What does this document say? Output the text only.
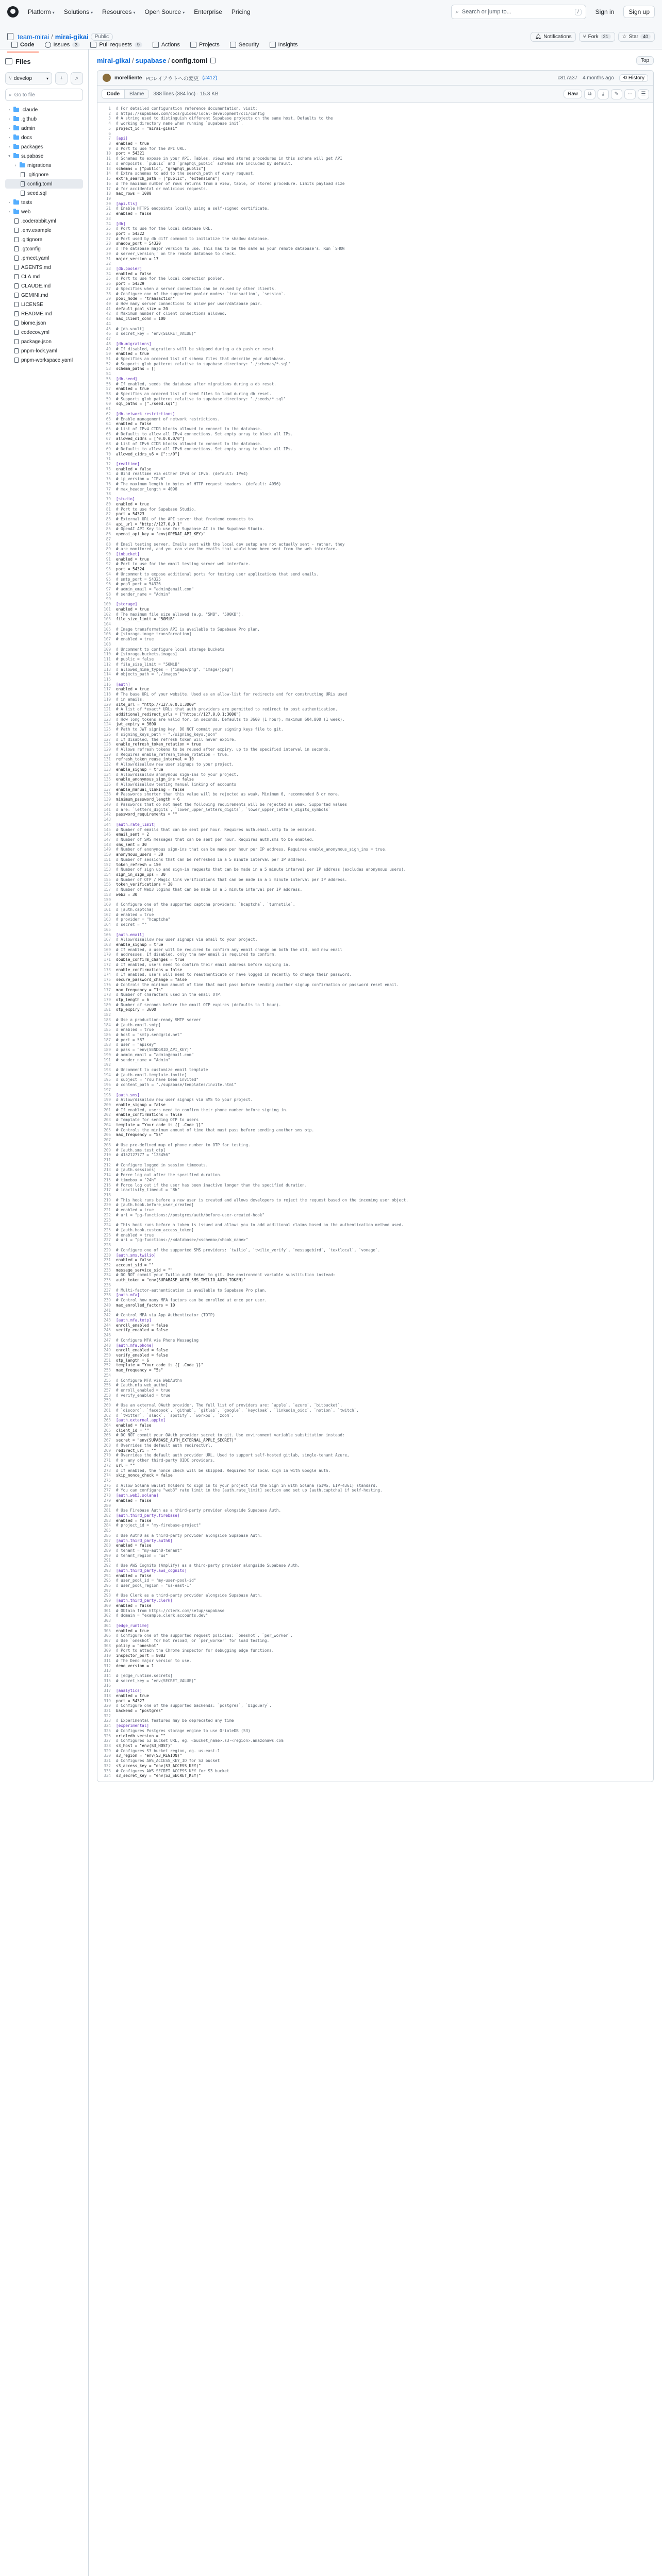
Platform ▾ Solutions ▾ Resources ▾ Open Source ▾ Enterprise Pricing	⌕ Search or jump to...	/	Sign in	Sign up
team-mirai / mirai-gikai	Public	🔔︎ Notifications ⑂ Fork	21	☆ Star	40
Code	Issues	3	Pull requests	9	Actions	Projects	Security	Insights
Files
⑂ develop	▾ + ⌕
⌕ Go to file
› .claude
› .github
› admin
› docs
› packages
▾ supabase
› migrations
.gitignore
config.toml
seed.sql
› tests
› web
.coderabbit.yml
.env.example
.gitignore
.gtconfig
.prnect.yaml
AGENTS.md
CLA.md
CLAUDE.md
GEMINI.md
LICENSE
README.md
biome.json
codecov.yml
package.json
pnpm-lock.yaml
pnpm-workspace.yaml
mirai-gikai / supabase / config.toml	Top
morelliente PCレイアウトへの変更 (#412)	c817a37 4 months ago	⟲ History
Code	Blame	388 lines (384 loc) · 15.3 KB	Raw	⧉ ⤓ ✎ ⋯ ☰
1	# For detailed configuration reference documentation, visit:
2	# https://supabase.com/docs/guides/local-development/cli/config
3	# A string used to distinguish different Supabase projects on the same host. Defaults to the
4	# working directory name when running `supabase init`.
5	project_id = "mirai-gikai"
6
7	[api]
8	enabled = true
9	# Port to use for the API URL.
10	port = 54321
11	# Schemas to expose in your API. Tables, views and stored procedures in this schema will get API
12	# endpoints. `public` and `graphql_public` schemas are included by default.
13	schemas = ["public", "graphql_public"]
14	# Extra schemas to add to the search_path of every request.
15	extra_search_path = ["public", "extensions"]
16	# The maximum number of rows returns from a view, table, or stored procedure. Limits payload size
17	# for accidental or malicious requests.
18	max_rows = 1000
19
20	[api.tls]
21	# Enable HTTPS endpoints locally using a self-signed certificate.
22	enabled = false
23
24	[db]
25	# Port to use for the local database URL.
26	port = 54322
27	# Port used by db diff command to initialize the shadow database.
28	shadow_port = 54320
29	# The database major version to use. This has to be the same as your remote database's. Run `SHOW
30	# server_version;` on the remote database to check.
31	major_version = 17
32
33	[db.pooler]
34	enabled = false
35	# Port to use for the local connection pooler.
36	port = 54329
37	# Specifies when a server connection can be reused by other clients.
38	# Configure one of the supported pooler modes: `transaction`, `session`.
39	pool_mode = "transaction"
40	# How many server connections to allow per user/database pair.
41	default_pool_size = 20
42	# Maximum number of client connections allowed.
43	max_client_conn = 100
44
45	# [db.vault]
46	# secret_key = "env(SECRET_VALUE)"
47
48	[db.migrations]
49	# If disabled, migrations will be skipped during a db push or reset.
50	enabled = true
51	# Specifies an ordered list of schema files that describe your database.
52	# Supports glob patterns relative to supabase directory: "./schemas/*.sql"
53	schema_paths = []
54
55	[db.seed]
56	# If enabled, seeds the database after migrations during a db reset.
57	enabled = true
58	# Specifies an ordered list of seed files to load during db reset.
59	# Supports glob patterns relative to supabase directory: "./seeds/*.sql"
60	sql_paths = ["./seed.sql"]
61
62	[db.network_restrictions]
63	# Enable management of network restrictions.
64	enabled = false
65	# List of IPv4 CIDR blocks allowed to connect to the database.
66	# Defaults to allow all IPv4 connections. Set empty array to block all IPs.
67	allowed_cidrs = ["0.0.0.0/0"]
68	# List of IPv6 CIDR blocks allowed to connect to the database.
69	# Defaults to allow all IPv6 connections. Set empty array to block all IPs.
70	allowed_cidrs_v6 = ["::/0"]
71
72	[realtime]
73	enabled = false
74	# Bind realtime via either IPv4 or IPv6. (default: IPv4)
75	# ip_version = "IPv6"
76	# The maximum length in bytes of HTTP request headers. (default: 4096)
77	# max_header_length = 4096
78
79	[studio]
80	enabled = true
81	# Port to use for Supabase Studio.
82	port = 54323
83	# External URL of the API server that frontend connects to.
84	api_url = "http://127.0.0.1"
85	# OpenAI API Key to use for Supabase AI in the Supabase Studio.
86	openai_api_key = "env(OPENAI_API_KEY)"
87
88	# Email testing server. Emails sent with the local dev setup are not actually sent - rather, they
89	# are monitored, and you can view the emails that would have been sent from the web interface.
90	[inbucket]
91	enabled = true
92	# Port to use for the email testing server web interface.
93	port = 54324
94	# Uncomment to expose additional ports for testing user applications that send emails.
95	# smtp_port = 54325
96	# pop3_port = 54326
97	# admin_email = "admin@email.com"
98	# sender_name = "Admin"
99
100	[storage]
101	enabled = true
102	# The maximum file size allowed (e.g. "5MB", "500KB").
103	file_size_limit = "50MiB"
104
105	# Image transformation API is available to Supabase Pro plan.
106	# [storage.image_transformation]
107	# enabled = true
108
109	# Uncomment to configure local storage buckets
110	# [storage.buckets.images]
111	# public = false
112	# file_size_limit = "50MiB"
113	# allowed_mime_types = ["image/png", "image/jpeg"]
114	# objects_path = "./images"
115
116	[auth]
117	enabled = true
118	# The base URL of your website. Used as an allow-list for redirects and for constructing URLs used
119	# in emails.
120	site_url = "http://127.0.0.1:3000"
121	# A list of *exact* URLs that auth providers are permitted to redirect to post authentication.
122	additional_redirect_urls = ["https://127.0.0.1:3000"]
123	# How long tokens are valid for, in seconds. Defaults to 3600 (1 hour), maximum 604,800 (1 week).
124	jwt_expiry = 3600
125	# Path to JWT signing key. DO NOT commit your signing keys file to git.
126	# signing_keys_path = "./signing_keys.json"
127	# If disabled, the refresh token will never expire.
128	enable_refresh_token_rotation = true
129	# Allows refresh tokens to be reused after expiry, up to the specified interval in seconds.
130	# Requires enable_refresh_token_rotation = true.
131	refresh_token_reuse_interval = 10
132	# Allow/disallow new user signups to your project.
133	enable_signup = true
134	# Allow/disallow anonymous sign-ins to your project.
135	enable_anonymous_sign_ins = false
136	# Allow/disallow testing manual linking of accounts
137	enable_manual_linking = false
138	# Passwords shorter than this value will be rejected as weak. Minimum 6, recommended 8 or more.
139	minimum_password_length = 6
140	# Passwords that do not meet the following requirements will be rejected as weak. Supported values
141	# are: `letters_digits`, `lower_upper_letters_digits`, `lower_upper_letters_digits_symbols`
142	password_requirements = ""
143
144	[auth.rate_limit]
145	# Number of emails that can be sent per hour. Requires auth.email.smtp to be enabled.
146	email_sent = 2
147	# Number of SMS messages that can be sent per hour. Requires auth.sms to be enabled.
148	sms_sent = 30
149	# Number of anonymous sign-ins that can be made per hour per IP address. Requires enable_anonymous_sign_ins = true.
150	anonymous_users = 30
151	# Number of sessions that can be refreshed in a 5 minute interval per IP address.
152	token_refresh = 150
153	# Number of sign up and sign-in requests that can be made in a 5 minute interval per IP address (excludes anonymous users).
154	sign_in_sign_ups = 30
155	# Number of OTP / Magic link verifications that can be made in a 5 minute interval per IP address.
156	token_verifications = 30
157	# Number of Web3 logins that can be made in a 5 minute interval per IP address.
158	web3 = 30
159
160	# Configure one of the supported captcha providers: `hcaptcha`, `turnstile`.
161	# [auth.captcha]
162	# enabled = true
163	# provider = "hcaptcha"
164	# secret = ""
165
166	[auth.email]
167	# Allow/disallow new user signups via email to your project.
168	enable_signup = true
169	# If enabled, a user will be required to confirm any email change on both the old, and new email
170	# addresses. If disabled, only the new email is required to confirm.
171	double_confirm_changes = true
172	# If enabled, users need to confirm their email address before signing in.
173	enable_confirmations = false
174	# If enabled, users will need to reauthenticate or have logged in recently to change their password.
175	secure_password_change = false
176	# Controls the minimum amount of time that must pass before sending another signup confirmation or password reset email.
177	max_frequency = "1s"
178	# Number of characters used in the email OTP.
179	otp_length = 6
180	# Number of seconds before the email OTP expires (defaults to 1 hour).
181	otp_expiry = 3600
182
183	# Use a production-ready SMTP server
184	# [auth.email.smtp]
185	# enabled = true
186	# host = "smtp.sendgrid.net"
187	# port = 587
188	# user = "apikey"
189	# pass = "env(SENDGRID_API_KEY)"
190	# admin_email = "admin@email.com"
191	# sender_name = "Admin"
192
193	# Uncomment to customize email template
194	# [auth.email.template.invite]
195	# subject = "You have been invited"
196	# content_path = "./supabase/templates/invite.html"
197
198	[auth.sms]
199	# Allow/disallow new user signups via SMS to your project.
200	enable_signup = false
201	# If enabled, users need to confirm their phone number before signing in.
202	enable_confirmations = false
203	# Template for sending OTP to users
204	template = "Your code is {{ .Code }}"
205	# Controls the minimum amount of time that must pass before sending another sms otp.
206	max_frequency = "5s"
207
208	# Use pre-defined map of phone number to OTP for testing.
209	# [auth.sms.test_otp]
210	# 4152127777 = "123456"
211
212	# Configure logged in session timeouts.
213	# [auth.sessions]
214	# Force log out after the specified duration.
215	# timebox = "24h"
216	# Force log out if the user has been inactive longer than the specified duration.
217	# inactivity_timeout = "8h"
218
219	# This hook runs before a new user is created and allows developers to reject the request based on the incoming user object.
220	# [auth.hook.before_user_created]
221	# enabled = true
222	# uri = "pg-functions://postgres/auth/before-user-created-hook"
223
224	# This hook runs before a token is issued and allows you to add additional claims based on the authentication method used.
225	# [auth.hook.custom_access_token]
226	# enabled = true
227	# uri = "pg-functions://<database>/<schema>/<hook_name>"
228
229	# Configure one of the supported SMS providers: `twilio`, `twilio_verify`, `messagebird`, `textlocal`, `vonage`.
230	[auth.sms.twilio]
231	enabled = false
232	account_sid = ""
233	message_service_sid = ""
234	# DO NOT commit your Twilio auth token to git. Use environment variable substitution instead:
235	auth_token = "env(SUPABASE_AUTH_SMS_TWILIO_AUTH_TOKEN)"
236
237	# Multi-factor-authentication is available to Supabase Pro plan.
238	[auth.mfa]
239	# Control how many MFA factors can be enrolled at once per user.
240	max_enrolled_factors = 10
241
242	# Control MFA via App Authenticator (TOTP)
243	[auth.mfa.totp]
244	enroll_enabled = false
245	verify_enabled = false
246
247	# Configure MFA via Phone Messaging
248	[auth.mfa.phone]
249	enroll_enabled = false
250	verify_enabled = false
251	otp_length = 6
252	template = "Your code is {{ .Code }}"
253	max_frequency = "5s"
254
255	# Configure MFA via WebAuthn
256	# [auth.mfa.web_authn]
257	# enroll_enabled = true
258	# verify_enabled = true
259
260	# Use an external OAuth provider. The full list of providers are: `apple`, `azure`, `bitbucket`,
261	# `discord`, `facebook`, `github`, `gitlab`, `google`, `keycloak`, `linkedin_oidc`, `notion`, `twitch`,
262	# `twitter`, `slack`, `spotify`, `workos`, `zoom`.
263	[auth.external.apple]
264	enabled = false
265	client_id = ""
266	# DO NOT commit your OAuth provider secret to git. Use environment variable substitution instead:
267	secret = "env(SUPABASE_AUTH_EXTERNAL_APPLE_SECRET)"
268	# Overrides the default auth redirectUrl.
269	redirect_uri = ""
270	# Overrides the default auth provider URL. Used to support self-hosted gitlab, single-tenant Azure,
271	# or any other third-party OIDC providers.
272	url = ""
273	# If enabled, the nonce check will be skipped. Required for local sign in with Google auth.
274	skip_nonce_check = false
275
276	# Allow Solana wallet holders to sign in to your project via the Sign in with Solana (SIWS, EIP-4361) standard.
277	# You can configure "web3" rate limit in the [auth.rate_limit] section and set up [auth.captcha] if self-hosting.
278	[auth.web3.solana]
279	enabled = false
280
281	# Use Firebase Auth as a third-party provider alongside Supabase Auth.
282	[auth.third_party.firebase]
283	enabled = false
284	# project_id = "my-firebase-project"
285
286	# Use Auth0 as a third-party provider alongside Supabase Auth.
287	[auth.third_party.auth0]
288	enabled = false
289	# tenant = "my-auth0-tenant"
290	# tenant_region = "us"
291
292	# Use AWS Cognito (Amplify) as a third-party provider alongside Supabase Auth.
293	[auth.third_party.aws_cognito]
294	enabled = false
295	# user_pool_id = "my-user-pool-id"
296	# user_pool_region = "us-east-1"
297
298	# Use Clerk as a third-party provider alongside Supabase Auth.
299	[auth.third_party.clerk]
300	enabled = false
301	# Obtain from https://clerk.com/setup/supabase
302	# domain = "example.clerk.accounts.dev"
303
304	[edge_runtime]
305	enabled = true
306	# Configure one of the supported request policies: `oneshot`, `per_worker`.
307	# Use `oneshot` for hot reload, or `per_worker` for load testing.
308	policy = "oneshot"
309	# Port to attach the Chrome inspector for debugging edge functions.
310	inspector_port = 8083
311	# The Deno major version to use.
312	deno_version = 1
313
314	# [edge_runtime.secrets]
315	# secret_key = "env(SECRET_VALUE)"
316
317	[analytics]
318	enabled = true
319	port = 54327
320	# Configure one of the supported backends: `postgres`, `bigquery`.
321	backend = "postgres"
322
323	# Experimental features may be deprecated any time
324	[experimental]
325	# Configures Postgres storage engine to use OrioleDB (S3)
326	orioledb_version = ""
327	# Configures S3 bucket URL, eg. <bucket_name>.s3-<region>.amazonaws.com
328	s3_host = "env(S3_HOST)"
329	# Configures S3 bucket region, eg. us-east-1
330	s3_region = "env(S3_REGION)"
331	# Configures AWS_ACCESS_KEY_ID for S3 bucket
332	s3_access_key = "env(S3_ACCESS_KEY)"
333	# Configures AWS_SECRET_ACCESS_KEY for S3 bucket
334	s3_secret_key = "env(S3_SECRET_KEY)"
